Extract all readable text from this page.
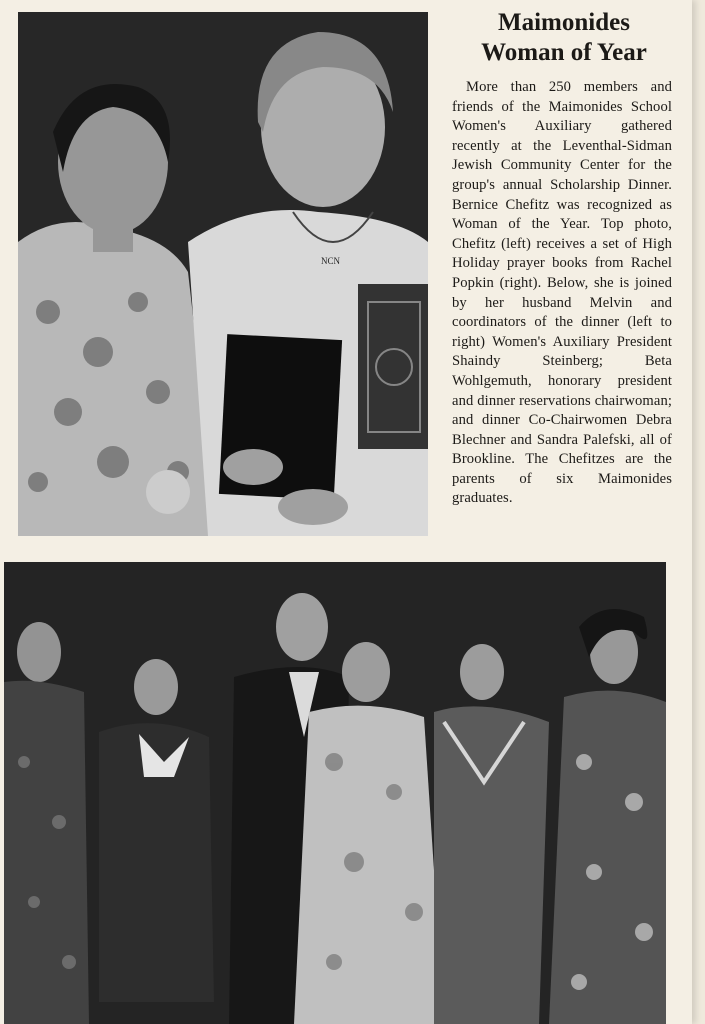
NCN
Maimonides
Woman of Year

More than 250 members and friends of the Maimonides School Women's Auxiliary gathered recently at the Leventhal-Sidman Jewish Community Center for the group's annual Scholarship Dinner. Bernice Chefitz was recognized as Woman of the Year. Top photo, Chefitz (left) receives a set of High Holiday prayer books from Rachel Popkin (right). Below, she is joined by her husband Melvin and coordinators of the dinner (left to right) Women's Auxiliary President Shaindy Steinberg; Beta Wohlgemuth, honorary president and dinner reservations chairwoman; and dinner Co-Chairwomen Debra Blechner and Sandra Palefski, all of Brookline. The Chefitzes are the parents of six Maimonides graduates.
